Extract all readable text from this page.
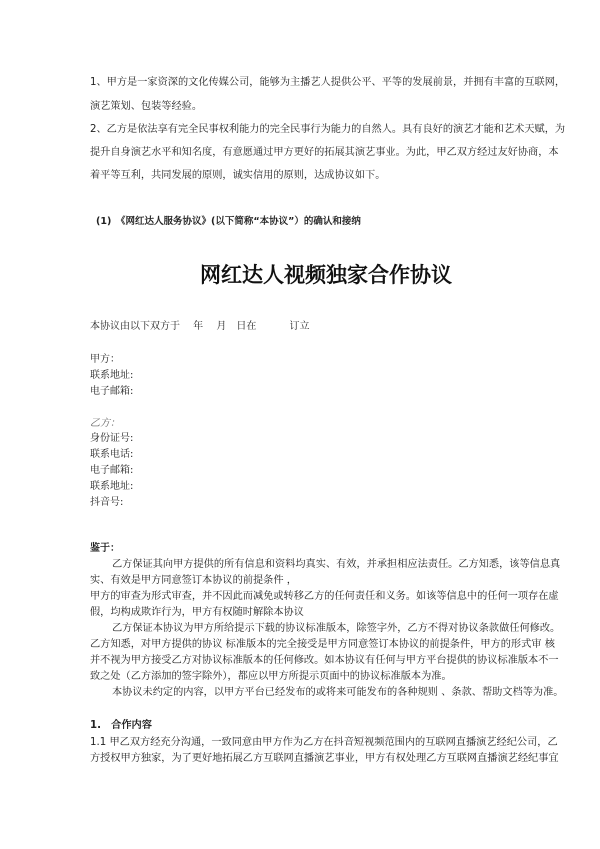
1、甲方是一家资深的文化传媒公司，能够为主播艺人提供公平、平等的发展前景，并拥有丰富的互联网，
演艺策划、包装等经验。
2、乙方是依法享有完全民事权利能力的完全民事行为能力的自然人。具有良好的演艺才能和艺术天赋，为
提升自身演艺水平和知名度，有意愿通过甲方更好的拓展其演艺事业。为此，甲乙双方经过友好协商，本
着平等互利，共同发展的原则，诚实信用的原则，达成协议如下。
(1)　《网红达人服务协议》(以下简称“本协议”）的确认和接纳
网红达人视频独家合作协议
本协议由以下双方于　 年　 月　日在　　　 订立
甲方：
联系地址:
电子邮箱:
乙方：
身份证号:
联系电话:
电子邮箱:
联系地址:
抖音号:
鉴于：
乙方保证其向甲方提供的所有信息和资料均真实、有效，并承担相应法责任。乙方知悉，该等信息真
实、有效是甲方同意签订本协议的前提条件 ，
甲方的审查为形式审查，并不因此而减免或转移乙方的任何责任和义务。如该等信息中的任何一项存在虚
假，均构成欺诈行为，甲方有权随时解除本协议
乙方保证本协议为甲方所给提示下载的协议标准版本，除签字外，乙方不得对协议条款做任何修改。
乙方知悉，对甲方提供的协议 标准版本的完全接受是甲方同意签订本协议的前提条件，甲方的形式审 核
并不视为甲方接受乙方对协议标准版本的任何修改。如本协议有任何与甲方平台提供的协议标准版本不一
致之处（乙方添加的签字除外），都应以甲方所提示页面中的协议标准版本为准。
本协议未约定的内容，以甲方平台已经发布的或将来可能发布的各种规则 、条款、帮助文档等为准。
1.　合作内容
1.1 甲乙双方经充分沟通，一致同意由甲方作为乙方在抖音短视频范围内的互联网直播演艺经纪公司，乙
方授权甲方独家，为了更好地拓展乙方互联网直播演艺事业，甲方有权处理乙方互联网直播演艺经纪事宜
